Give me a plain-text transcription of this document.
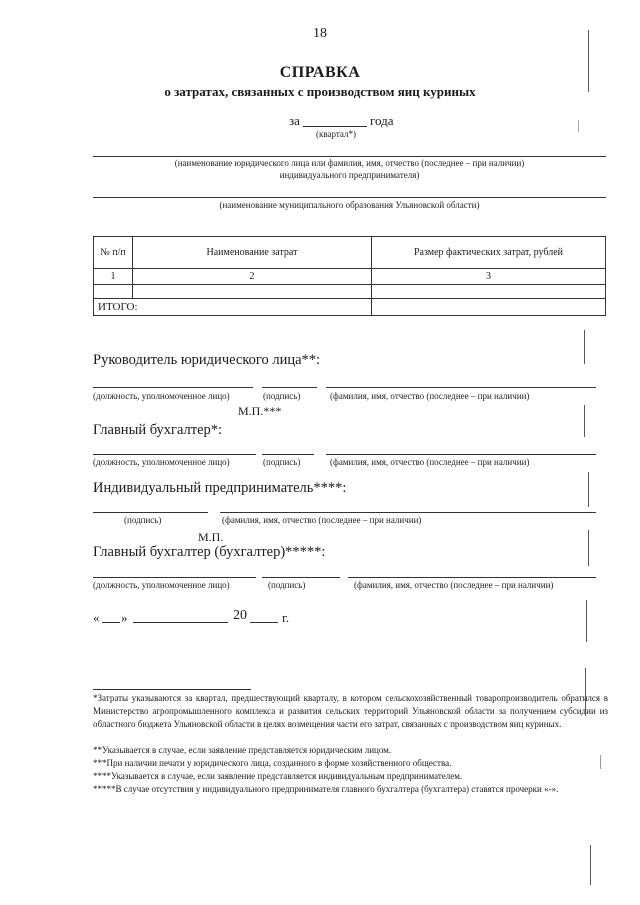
18
СПРАВКА
о затратах, связанных с производством яиц куриных
за	года
(квартал*)
(наименование юридического лица или фамилия, имя, отчество (последнее – при наличии)
индивидуального предпринимателя)
(наименование муниципального образования Ульяновской области)
№ п/п	Наименование затрат	Размер фактических затрат, рублей
1	2	3

ИТОГО:		
Руководитель юридического лица**:
(должность, уполномоченное лицо)	(подпись)	(фамилия, имя, отчество (последнее – при наличии)
М.П.***
Главный бухгалтер*:
(должность, уполномоченное лицо)	(подпись)	(фамилия, имя, отчество (последнее – при наличии)
Индивидуальный предприниматель****:
(подпись)	(фамилия, имя, отчество (последнее – при наличии)
М.П.
Главный бухгалтер (бухгалтер)*****:
(должность, уполномоченное лицо)	(подпись)	(фамилия, имя, отчество (последнее – при наличии)
« »	20	г.
*Затраты указываются за квартал, предшествующий кварталу, в котором сельскохозяйственный товаропроизводитель обратился в Министерство агропромышленного комплекса и развития сельских территорий Ульяновской области за получением субсидии из областного бюджета Ульяновской области в целях возмещения части его затрат, связанных с производством яиц куриных.
**Указывается в случае, если заявление представляется юридическим лицом.
***При наличии печати у юридического лица, созданного в форме хозяйственного общества.
****Указывается в случае, если заявление представляется индивидуальным предпринимателем.
*****В случае отсутствия у индивидуального предпринимателя главного бухгалтера (бухгалтера) ставятся прочерки «-».
